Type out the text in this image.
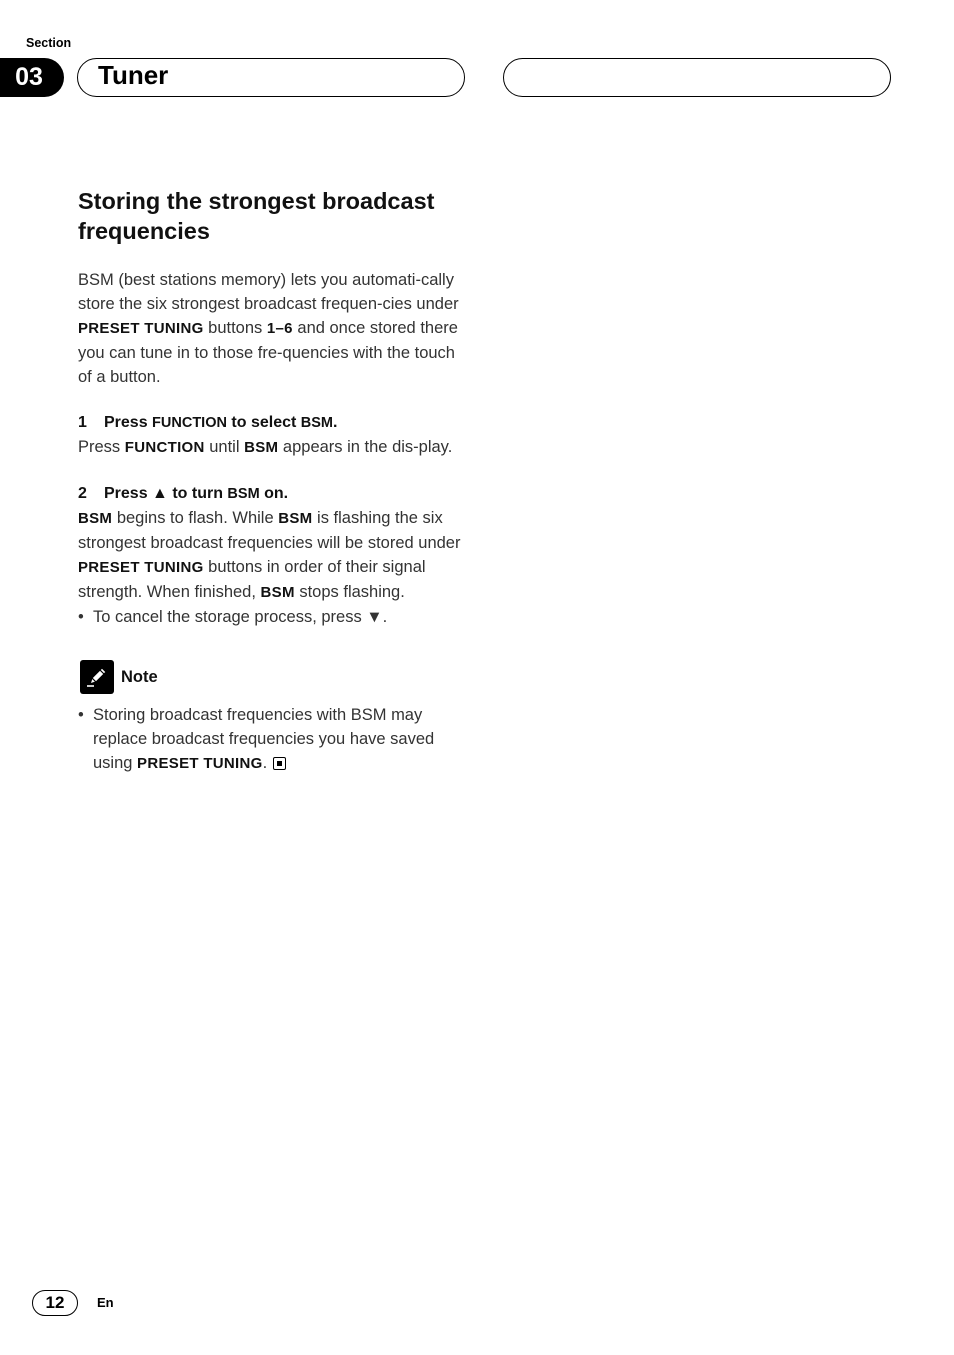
Section
03	Tuner
Storing the strongest broadcast frequencies

BSM (best stations memory) lets you automati-cally store the six strongest broadcast frequen-cies under PRESET TUNING buttons 1–6 and once stored there you can tune in to those fre-quencies with the touch of a button.

1 Press FUNCTION to select BSM.

Press FUNCTION until BSM appears in the dis-play.

2 Press ▲ to turn BSM on.

BSM begins to flash. While BSM is flashing the six strongest broadcast frequencies will be stored under PRESET TUNING buttons in order of their signal strength. When finished, BSM stops flashing.

• To cancel the storage process, press ▼.

Note

• Storing broadcast frequencies with BSM may replace broadcast frequencies you have saved using PRESET TUNING.

12	En
